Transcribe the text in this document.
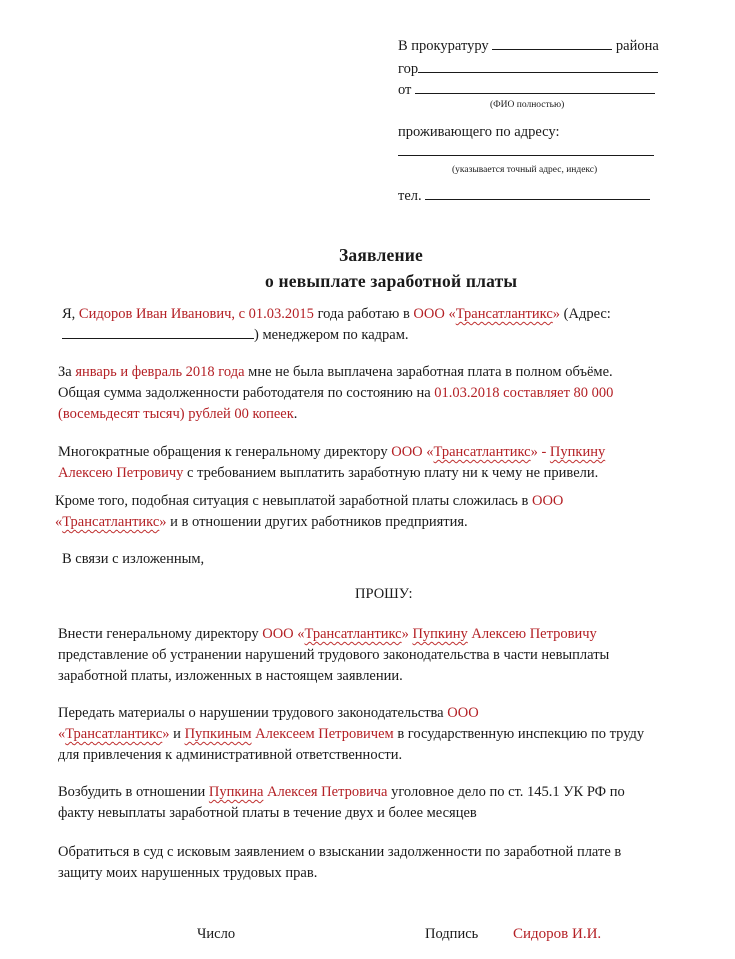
В прокуратуру	района
гор
от
(ФИО полностью)
проживающего по адресу:
(указывается точный адрес, индекс)
тел.
Заявление
о невыплате заработной платы
Я, Сидоров Иван Иванович, с 01.03.2015 года работаю в ООО «Трансатлантикс» (Адрес:
) менеджером по кадрам.
За январь и февраль 2018 года мне не была выплачена заработная плата в полном объёме.
Общая сумма задолженности работодателя по состоянию на 01.03.2018 составляет 80 000
(восемьдесят тысяч) рублей 00 копеек.
Многократные обращения к генеральному директору ООО «Трансатлантикс» - Пупкину
Алексею Петровичу с требованием выплатить заработную плату ни к чему не привели.
Кроме того, подобная ситуация с невыплатой заработной платы сложилась в ООО
«Трансатлантикс» и в отношении других работников предприятия.
В связи с изложенным,
ПРОШУ:
Внести генеральному директору ООО «Трансатлантикс» Пупкину Алексею Петровичу
представление об устранении нарушений трудового законодательства в части невыплаты
заработной платы, изложенных в настоящем заявлении.
Передать материалы о нарушении трудового законодательства ООО
«Трансатлантикс» и Пупкиным Алексеем Петровичем в государственную инспекцию по труду
для привлечения к административной ответственности.
Возбудить в отношении Пупкина Алексея Петровича уголовное дело по ст. 145.1 УК РФ по
факту невыплаты заработной платы в течение двух и более месяцев
Обратиться в суд с исковым заявлением о взыскании задолженности по заработной плате в
защиту моих нарушенных трудовых прав.
Число	Подпись Сидоров И.И.
